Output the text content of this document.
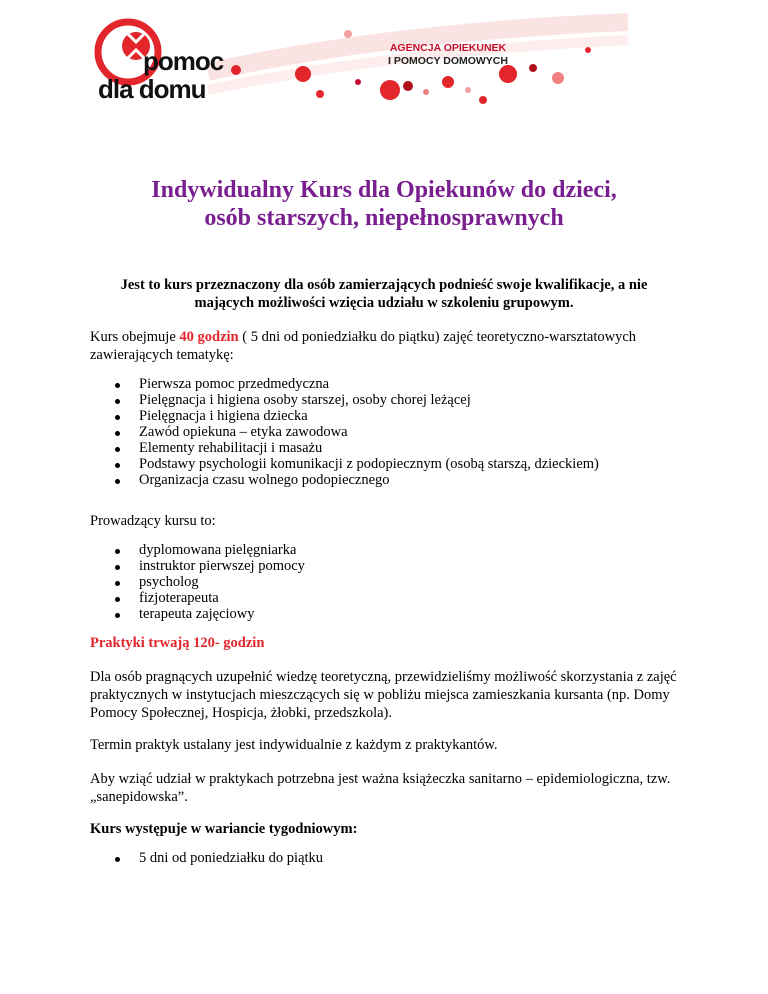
pomoc
dla domu
AGENCJA OPIEKUNEK
I POMOCY DOMOWYCH
Indywidualny Kurs dla Opiekunów do dzieci,
osób starszych, niepełnosprawnych

Jest to kurs przeznaczony dla osób zamierzających podnieść swoje kwalifikacje, a nie mających możliwości wzięcia udziału w szkoleniu grupowym.

Kurs obejmuje 40 godzin ( 5 dni od poniedziałku do piątku) zajęć teoretyczno-warsztatowych zawierających tematykę:

Pierwsza pomoc przedmedyczna
Pielęgnacja i higiena osoby starszej, osoby chorej leżącej
Pielęgnacja i higiena dziecka
Zawód opiekuna – etyka zawodowa
Elementy rehabilitacji i masażu
Podstawy psychologii komunikacji z podopiecznym (osobą starszą, dzieckiem)
Organizacja czasu wolnego podopiecznego

Prowadzący kursu to:

dyplomowana pielęgniarka
instruktor pierwszej pomocy
psycholog
fizjoterapeuta
terapeuta zajęciowy

Praktyki trwają 120- godzin

Dla osób pragnących uzupełnić wiedzę teoretyczną, przewidzieliśmy możliwość skorzystania z zajęć praktycznych w instytucjach mieszczących się w pobliżu miejsca zamieszkania kursanta (np. Domy Pomocy Społecznej, Hospicja, żłobki, przedszkola).

Termin praktyk ustalany jest indywidualnie z każdym z praktykantów.

Aby wziąć udział w praktykach potrzebna jest ważna książeczka sanitarno – epidemiologiczna, tzw. „sanepidowska”.

Kurs występuje w wariancie tygodniowym:

5 dni od poniedziałku do piątku
